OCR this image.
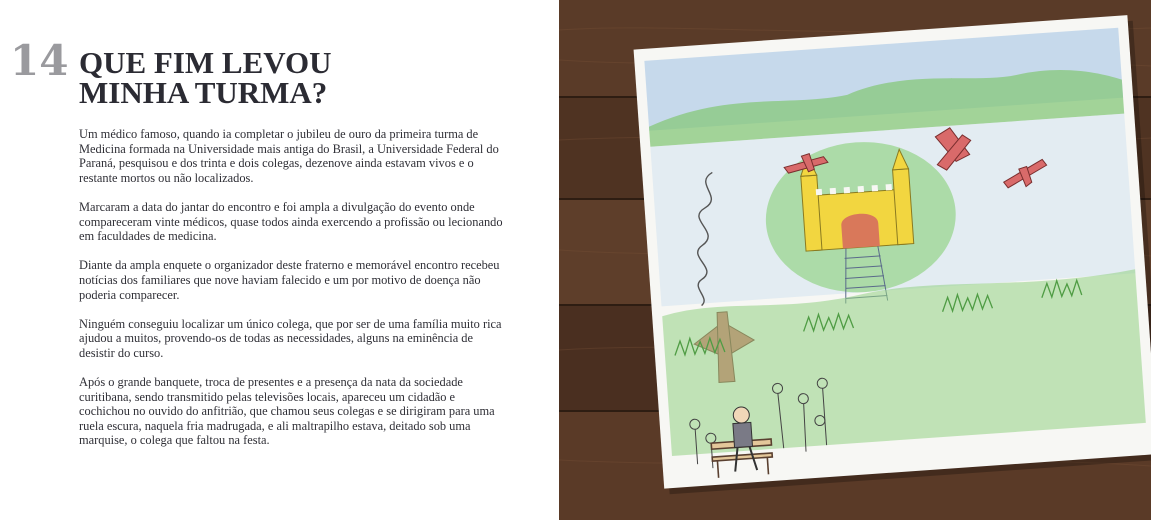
14 QUE FIM LEVOU
MINHA TURMA?

Um médico famoso, quando ia completar o jubileu de ouro da primeira turma de Medicina formada na Universidade mais antiga do Brasil, a Universidade Federal do Paraná, pesquisou e dos trinta e dois colegas, dezenove ainda estavam vivos e o restante mortos ou não localizados.

Marcaram a data do jantar do encontro e foi ampla a divulgação do evento onde compareceram vinte médicos, quase todos ainda exercendo a profissão ou lecionando em faculdades de medicina.

Diante da ampla enquete o organizador deste fraterno e memorável encontro recebeu notícias dos familiares que nove haviam falecido e um por motivo de doença não poderia comparecer.

Ninguém conseguiu localizar um único colega, que por ser de uma família muito rica ajudou a muitos, provendo-os de todas as necessidades, alguns na eminência de desistir do curso.

Após o grande banquete, troca de presentes e a presença da nata da sociedade curitibana, sendo transmitido pelas televisões locais, apareceu um cidadão e cochichou no ouvido do anfitrião, que chamou seus colegas e se dirigiram para uma ruela escura, naquela fria madrugada, e ali maltrapilho estava, deitado sob uma marquise, o colega que faltou na festa.
